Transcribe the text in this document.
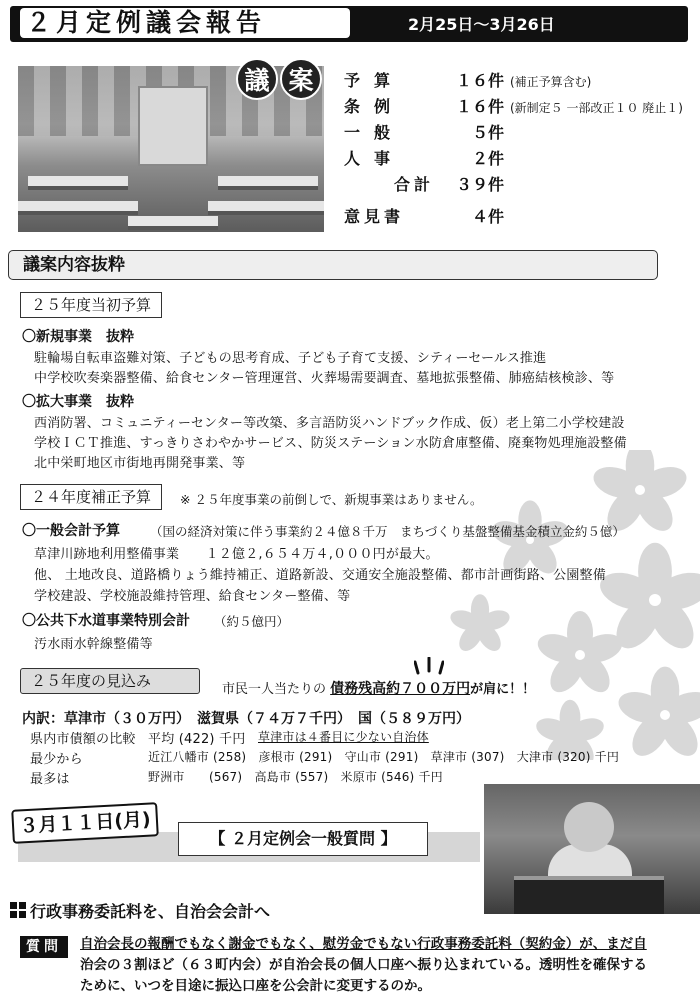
２月定例議会報告	2月25日〜3月26日
議 案	予算	１６ 件 (補正予算含む)
条例	１６ 件 (新制定５ 一部改正１０ 廃止１)
一般	５ 件
人事	２ 件
合計	３９ 件
意見書	４ 件
議案内容抜粋
２５年度当初予算
〇新規事業　抜粋
駐輪場自転車盗難対策、子どもの思考育成、子ども子育て支援、シティーセールス推進
中学校吹奏楽器整備、給食センター管理運営、火葬場需要調査、墓地拡張整備、肺癌結核検診、等
〇拡大事業　抜粋
西消防署、コミュニティーセンター等改築、多言語防災ハンドブック作成、仮）老上第二小学校建設
学校ＩＣＴ推進、すっきりさわやかサービス、防災ステーション水防倉庫整備、廃棄物処理施設整備
北中栄町地区市街地再開発事業、等
２４年度補正予算	※ ２５年度事業の前倒しで、新規事業はありません。
〇一般会計予算 （国の経済対策に伴う事業約２４億８千万　まちづくり基盤整備基金積立金約５億）
草津川跡地利用整備事業　　１２億２,６５４万４,０００円が最大。
他、 土地改良、道路橋りょう維持補正、道路新設、交通安全施設整備、都市計画街路、公園整備
学校建設、学校施設維持管理、給食センター整備、等
〇公共下水道事業特別会計 （約５億円）
汚水雨水幹線整備等
２５年度の見込み	市民一人当たりの 債務残高約７００万円が肩に！！
内訳：草津市（３０万円）　滋賀県（７４万７千円）　国（５８９万円）
県内市債額の比較 平均 (422) 千円 草津市は４番目に少ない自治体
最少から	近江八幡市 (258)　彦根市 (291)　守山市 (291)　草津市 (307)　大津市 (320) 千円
最多は	野洲市　　(567)　高島市 (557)　米原市 (546) 千円
３月１１日(月)
【 ２月定例会一般質問 】
行政事務委託料を、自治会会計へ
質問	自治会長の報酬でもなく謝金でもなく、慰労金でもない行政事務委託料（契約金）が、まだ自
治会の３割ほど（６３町内会）が自治会長の個人口座へ振り込まれている。透明性を確保する
ために、いつを目途に振込口座を公会計に変更するのか。
